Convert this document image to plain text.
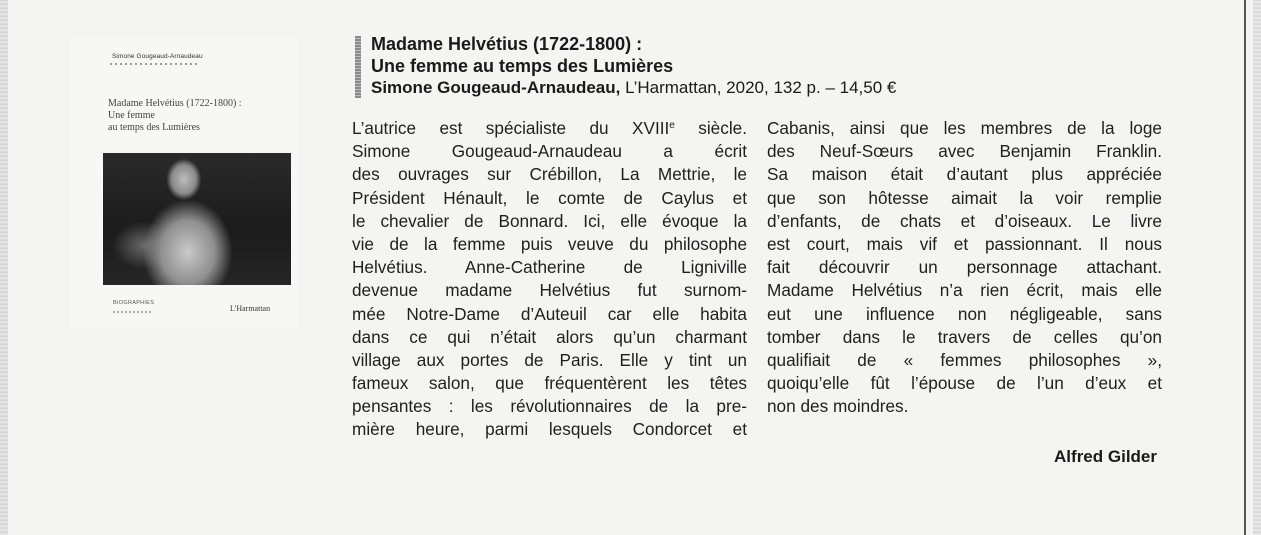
Simone Gougeaud-Arnaudeau
Madame Helvétius (1722-1800) :
Une femme
au temps des Lumières
BIOGRAPHIES
L'Harmattan
Madame Helvétius (1722-1800) :
Une femme au temps des Lumières
Simone Gougeaud-Arnaudeau, L’Harmattan, 2020, 132 p. – 14,50 €
L’autrice est spécialiste du XVIIIe siècle.
Simone Gougeaud-Arnaudeau a écrit
des ouvrages sur Crébillon, La Mettrie, le
Président Hénault, le comte de Caylus et
le chevalier de Bonnard. Ici, elle évoque la
vie de la femme puis veuve du philosophe
Helvétius. Anne-Catherine de Ligniville
devenue madame Helvétius fut surnom-
mée Notre-Dame d’Auteuil car elle habita
dans ce qui n’était alors qu’un charmant
village aux portes de Paris. Elle y tint un
fameux salon, que fréquentèrent les têtes
pensantes : les révolutionnaires de la pre-
mière heure, parmi lesquels Condorcet et
Cabanis, ainsi que les membres de la loge
des Neuf-Sœurs avec Benjamin Franklin.
Sa maison était d’autant plus appréciée
que son hôtesse aimait la voir remplie
d’enfants, de chats et d’oiseaux. Le livre
est court, mais vif et passionnant. Il nous
fait découvrir un personnage attachant.
Madame Helvétius n’a rien écrit, mais elle
eut une influence non négligeable, sans
tomber dans le travers de celles qu’on
qualifiait de « femmes philosophes »,
quoiqu’elle fût l’épouse de l’un d’eux et
non des moindres.
Alfred Gilder
